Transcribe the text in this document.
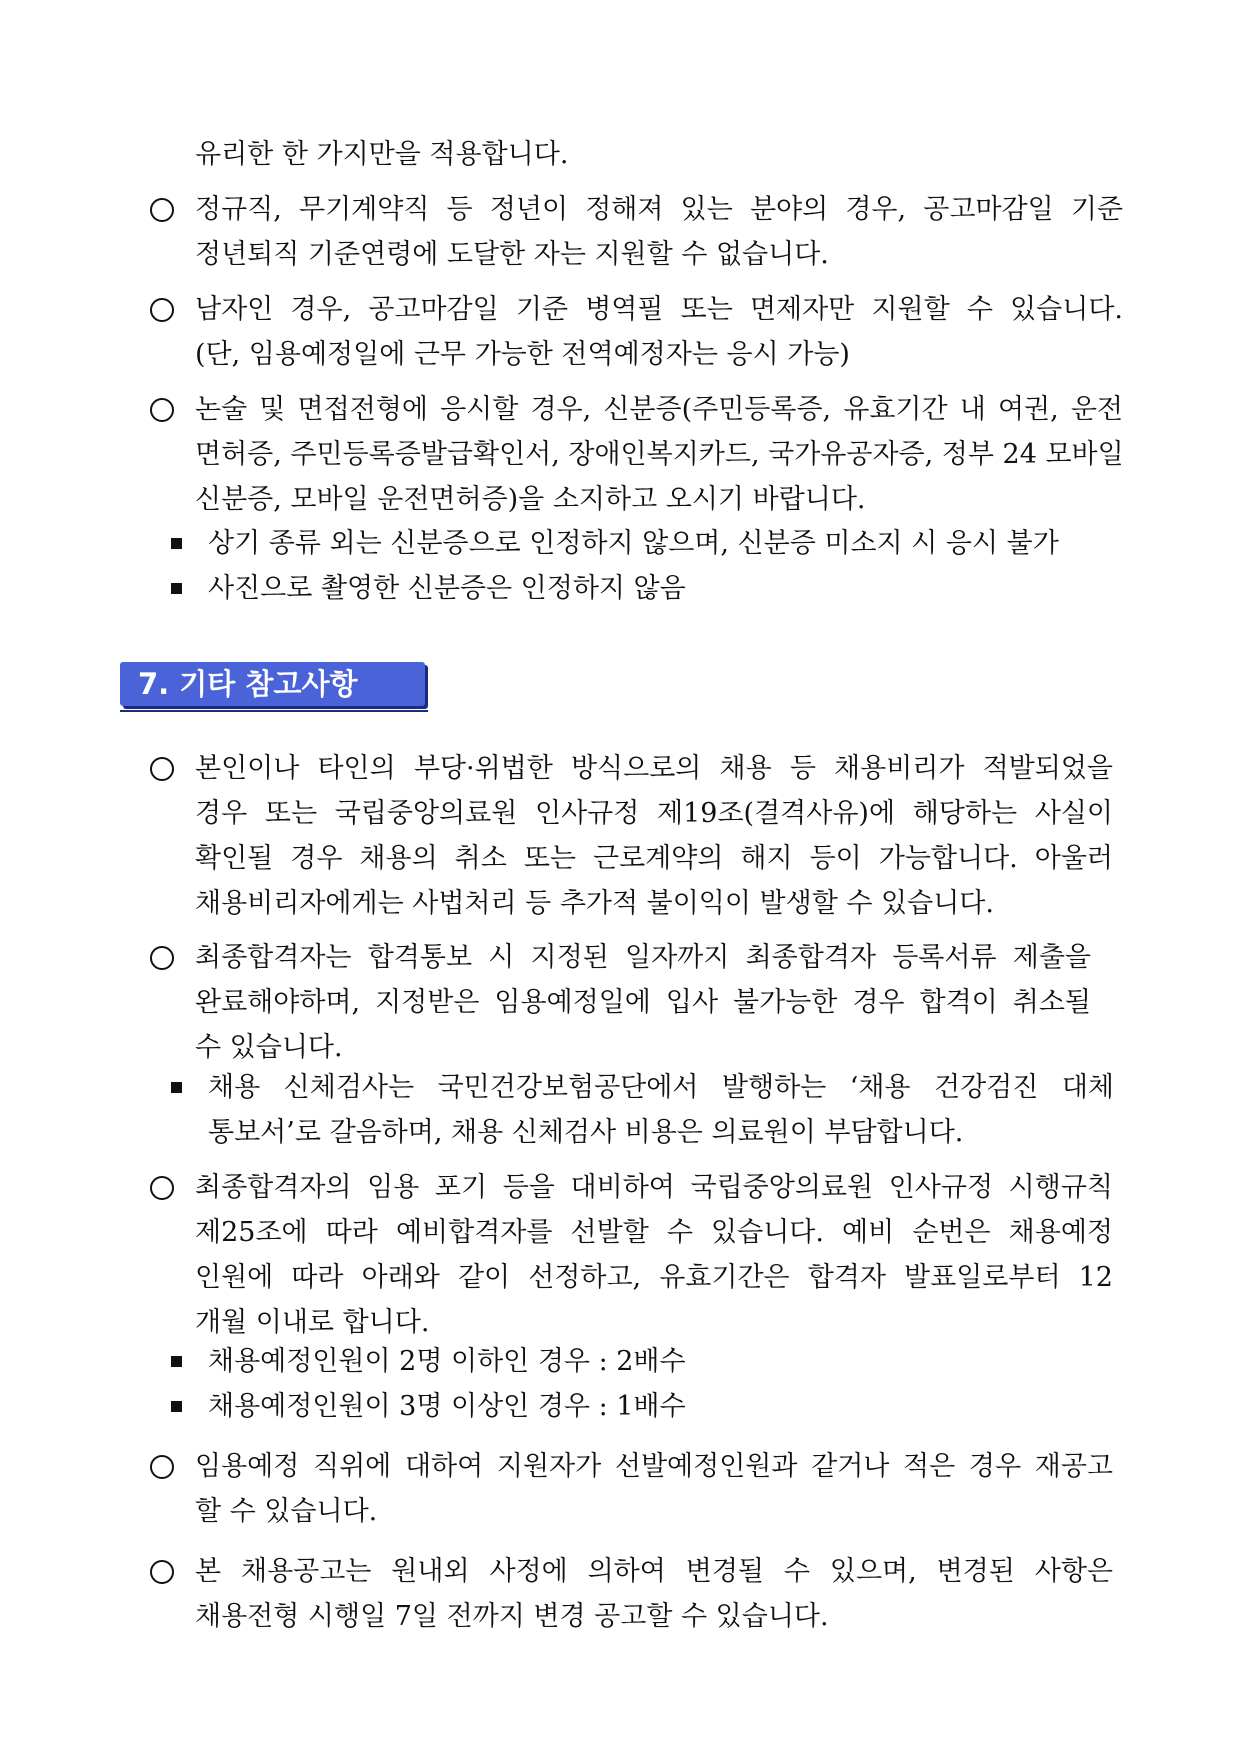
유리한 한 가지만을 적용합니다.
정규직, 무기계약직 등 정년이 정해져 있는 분야의 경우, 공고마감일 기준
정년퇴직 기준연령에 도달한 자는 지원할 수 없습니다.
남자인 경우, 공고마감일 기준 병역필 또는 면제자만 지원할 수 있습니다.
(단, 임용예정일에 근무 가능한 전역예정자는 응시 가능)
논술 및 면접전형에 응시할 경우, 신분증(주민등록증, 유효기간 내 여권, 운전
면허증, 주민등록증발급확인서, 장애인복지카드, 국가유공자증, 정부 24 모바일
신분증, 모바일 운전면허증)을 소지하고 오시기 바랍니다.
상기 종류 외는 신분증으로 인정하지 않으며, 신분증 미소지 시 응시 불가
사진으로 촬영한 신분증은 인정하지 않음
7. 기타 참고사항
본인이나 타인의 부당·위법한 방식으로의 채용 등 채용비리가 적발되었을
경우 또는 국립중앙의료원 인사규정 제19조(결격사유)에 해당하는 사실이
확인될 경우 채용의 취소 또는 근로계약의 해지 등이 가능합니다. 아울러
채용비리자에게는 사법처리 등 추가적 불이익이 발생할 수 있습니다.
최종합격자는 합격통보 시 지정된 일자까지 최종합격자 등록서류 제출을
완료해야하며, 지정받은 임용예정일에 입사 불가능한 경우 합격이 취소될
수 있습니다.
채용 신체검사는 국민건강보험공단에서 발행하는 ‘채용 건강검진 대체
통보서’로 갈음하며, 채용 신체검사 비용은 의료원이 부담합니다.
최종합격자의 임용 포기 등을 대비하여 국립중앙의료원 인사규정 시행규칙
제25조에 따라 예비합격자를 선발할 수 있습니다. 예비 순번은 채용예정
인원에 따라 아래와 같이 선정하고, 유효기간은 합격자 발표일로부터 12
개월 이내로 합니다.
채용예정인원이 2명 이하인 경우 : 2배수
채용예정인원이 3명 이상인 경우 : 1배수
임용예정 직위에 대하여 지원자가 선발예정인원과 같거나 적은 경우 재공고
할 수 있습니다.
본 채용공고는 원내외 사정에 의하여 변경될 수 있으며, 변경된 사항은
채용전형 시행일 7일 전까지 변경 공고할 수 있습니다.
